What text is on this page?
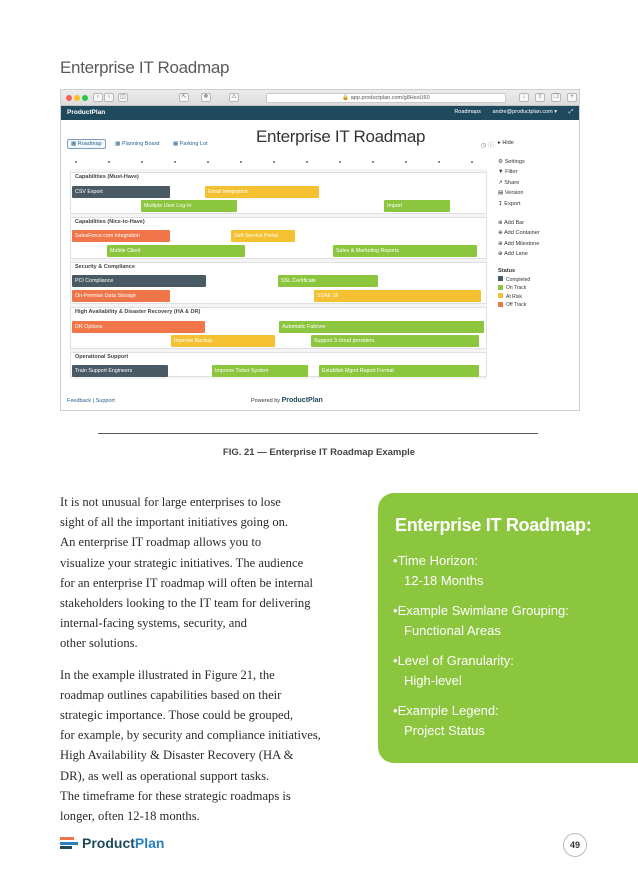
Enterprise IT Roadmap
‹	›	◫	⇱	❖	⚠	🔒 app.productplan.com/g8HxoU60	↓	⇧	❐	+
ProductPlan	Roadmaps andre@productplan.com ▾ ⤢
▦ Roadmap ▦ Planning Board ▦ Parking Lot	Enterprise IT Roadmap	◷ ⓘ
Capabilities (Must-Have)
CSV Export	Email Integration
Multiple User Log-In	Import
Capabilities (Nice-to-Have)
SalesForce.com Integration	Self-Service Portal
Mobile Client	Sales & Marketing Reports
Security & Compliance
PCI Compliance	SSL Certificate
On-Premise Data Storage	SSAE 16
High Availability & Disaster Recovery (HA & DR)
DR Options	Automatic Failover
Improve Backup	Support 3 cloud providers
Operational Support
Train Support Engineers	Improve Ticket System	Establish Mgmt Report Format
▸ Hide
⚙ Settings
▼ Filter
↗ Share
▤ Version
↧ Export
⊕ Add Bar
⊕ Add Container
⊕ Add Milestone
⊕ Add Lane
Status
Completed
On Track
At Risk
Off Track
Feedback | Support	Powered by ProductPlan
FIG. 21 — Enterprise IT Roadmap Example
It is not unusual for large enterprises to lose
sight of all the important initiatives going on.
An enterprise IT roadmap allows you to
visualize your strategic initiatives. The audience
for an enterprise IT roadmap will often be internal
stakeholders looking to the IT team for delivering
internal-facing systems, security, and
other solutions.
In the example illustrated in Figure 21, the
roadmap outlines capabilities based on their
strategic importance. Those could be grouped,
for example, by security and compliance initiatives,
High Availability & Disaster Recovery (HA &
DR), as well as operational support tasks.
The timeframe for these strategic roadmaps is
longer, often 12-18 months.
Enterprise IT Roadmap:
• Time Horizon:
12-18 Months
• Example Swimlane Grouping:
Functional Areas
• Level of Granularity:
High-level
• Example Legend:
Project Status
Product Plan	49
